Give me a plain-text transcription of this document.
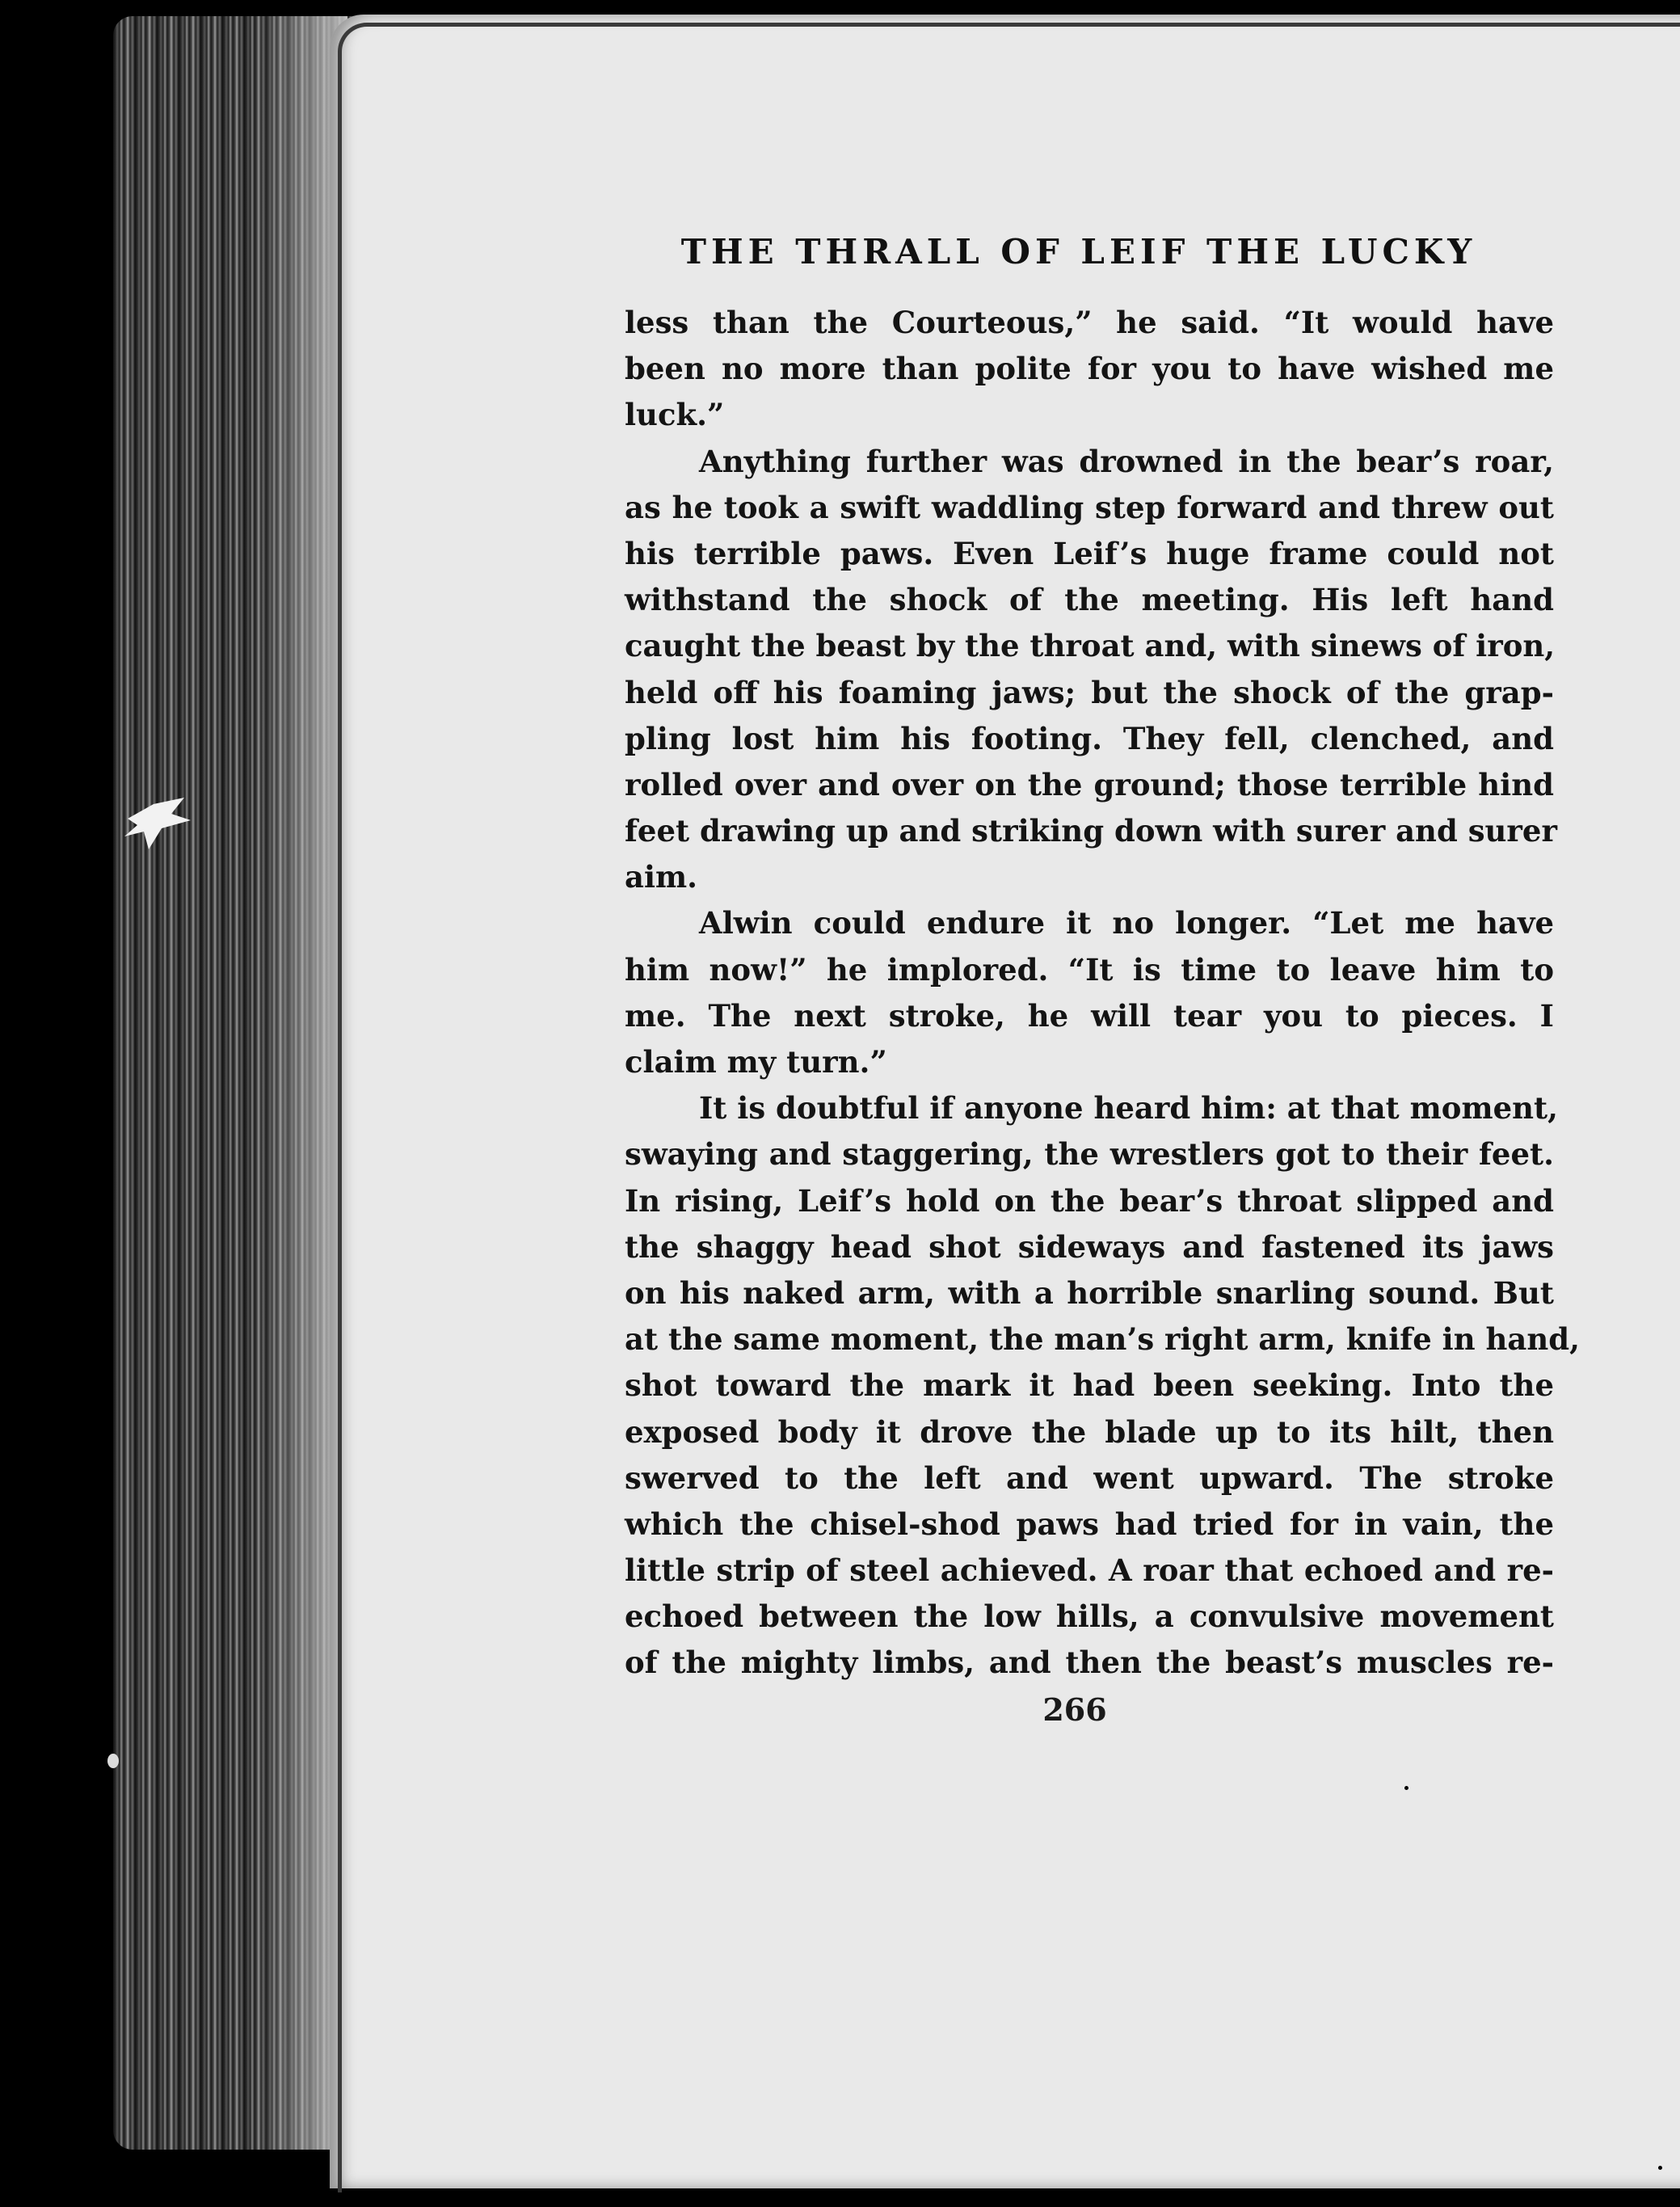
THE THRALL OF LEIF THE LUCKY
less than the Courteous,” he said. “It would have
been no more than polite for you to have wished me
luck.”
Anything further was drowned in the bear’s roar,
as he took a swift waddling step forward and threw out
his terrible paws. Even Leif’s huge frame could not
withstand the shock of the meeting. His left hand
caught the beast by the throat and, with sinews of iron,
held off his foaming jaws; but the shock of the grap-
pling lost him his footing. They fell, clenched, and
rolled over and over on the ground; those terrible hind
feet drawing up and striking down with surer and surer
aim.
Alwin could endure it no longer. “Let me have
him now!” he implored. “It is time to leave him to
me. The next stroke, he will tear you to pieces. I
claim my turn.”
It is doubtful if anyone heard him: at that moment,
swaying and staggering, the wrestlers got to their feet.
In rising, Leif’s hold on the bear’s throat slipped and
the shaggy head shot sideways and fastened its jaws
on his naked arm, with a horrible snarling sound. But
at the same moment, the man’s right arm, knife in hand,
shot toward the mark it had been seeking. Into the
exposed body it drove the blade up to its hilt, then
swerved to the left and went upward. The stroke
which the chisel-shod paws had tried for in vain, the
little strip of steel achieved. A roar that echoed and re-
echoed between the low hills, a convulsive movement
of the mighty limbs, and then the beast’s muscles re-
266
